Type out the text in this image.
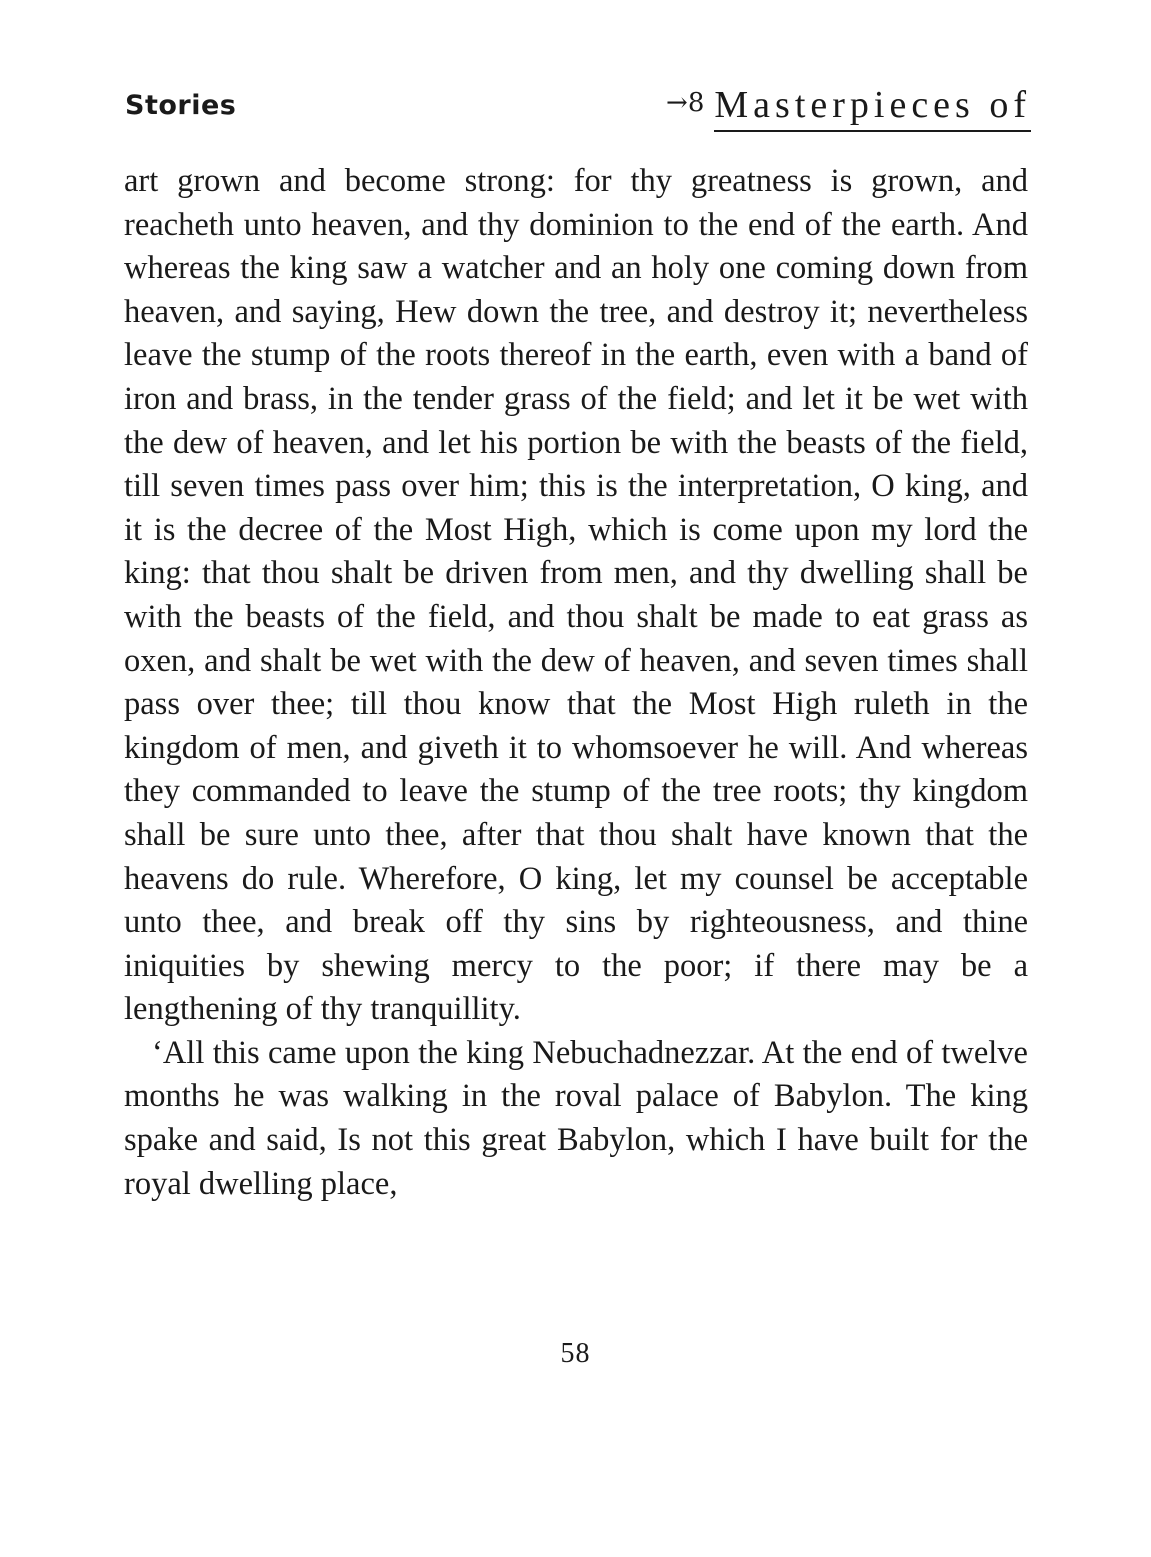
Stories	→8 Masterpieces of

art grown and become strong: for thy greatness is grown, and reacheth unto heaven, and thy dominion to the end of the earth. And whereas the king saw a watcher and an holy one coming down from heaven, and saying, Hew down the tree, and destroy it; nevertheless leave the stump of the roots thereof in the earth, even with a band of iron and brass, in the tender grass of the field; and let it be wet with the dew of heaven, and let his portion be with the beasts of the field, till seven times pass over him; this is the interpretation, O king, and it is the decree of the Most High, which is come upon my lord the king: that thou shalt be driven from men, and thy dwelling shall be with the beasts of the field, and thou shalt be made to eat grass as oxen, and shalt be wet with the dew of heaven, and seven times shall pass over thee; till thou know that the Most High ruleth in the kingdom of men, and giveth it to whomsoever he will. And whereas they commanded to leave the stump of the tree roots; thy kingdom shall be sure unto thee, after that thou shalt have known that the heavens do rule. Wherefore, O king, let my counsel be acceptable unto thee, and break off thy sins by righteousness, and thine iniquities by shewing mercy to the poor; if there may be a lengthening of thy tranquillity.

‘All this came upon the king Nebuchadnezzar. At the end of twelve months he was walking in the roval palace of Babylon. The king spake and said, Is not this great Babylon, which I have built for the royal dwelling place,

58
